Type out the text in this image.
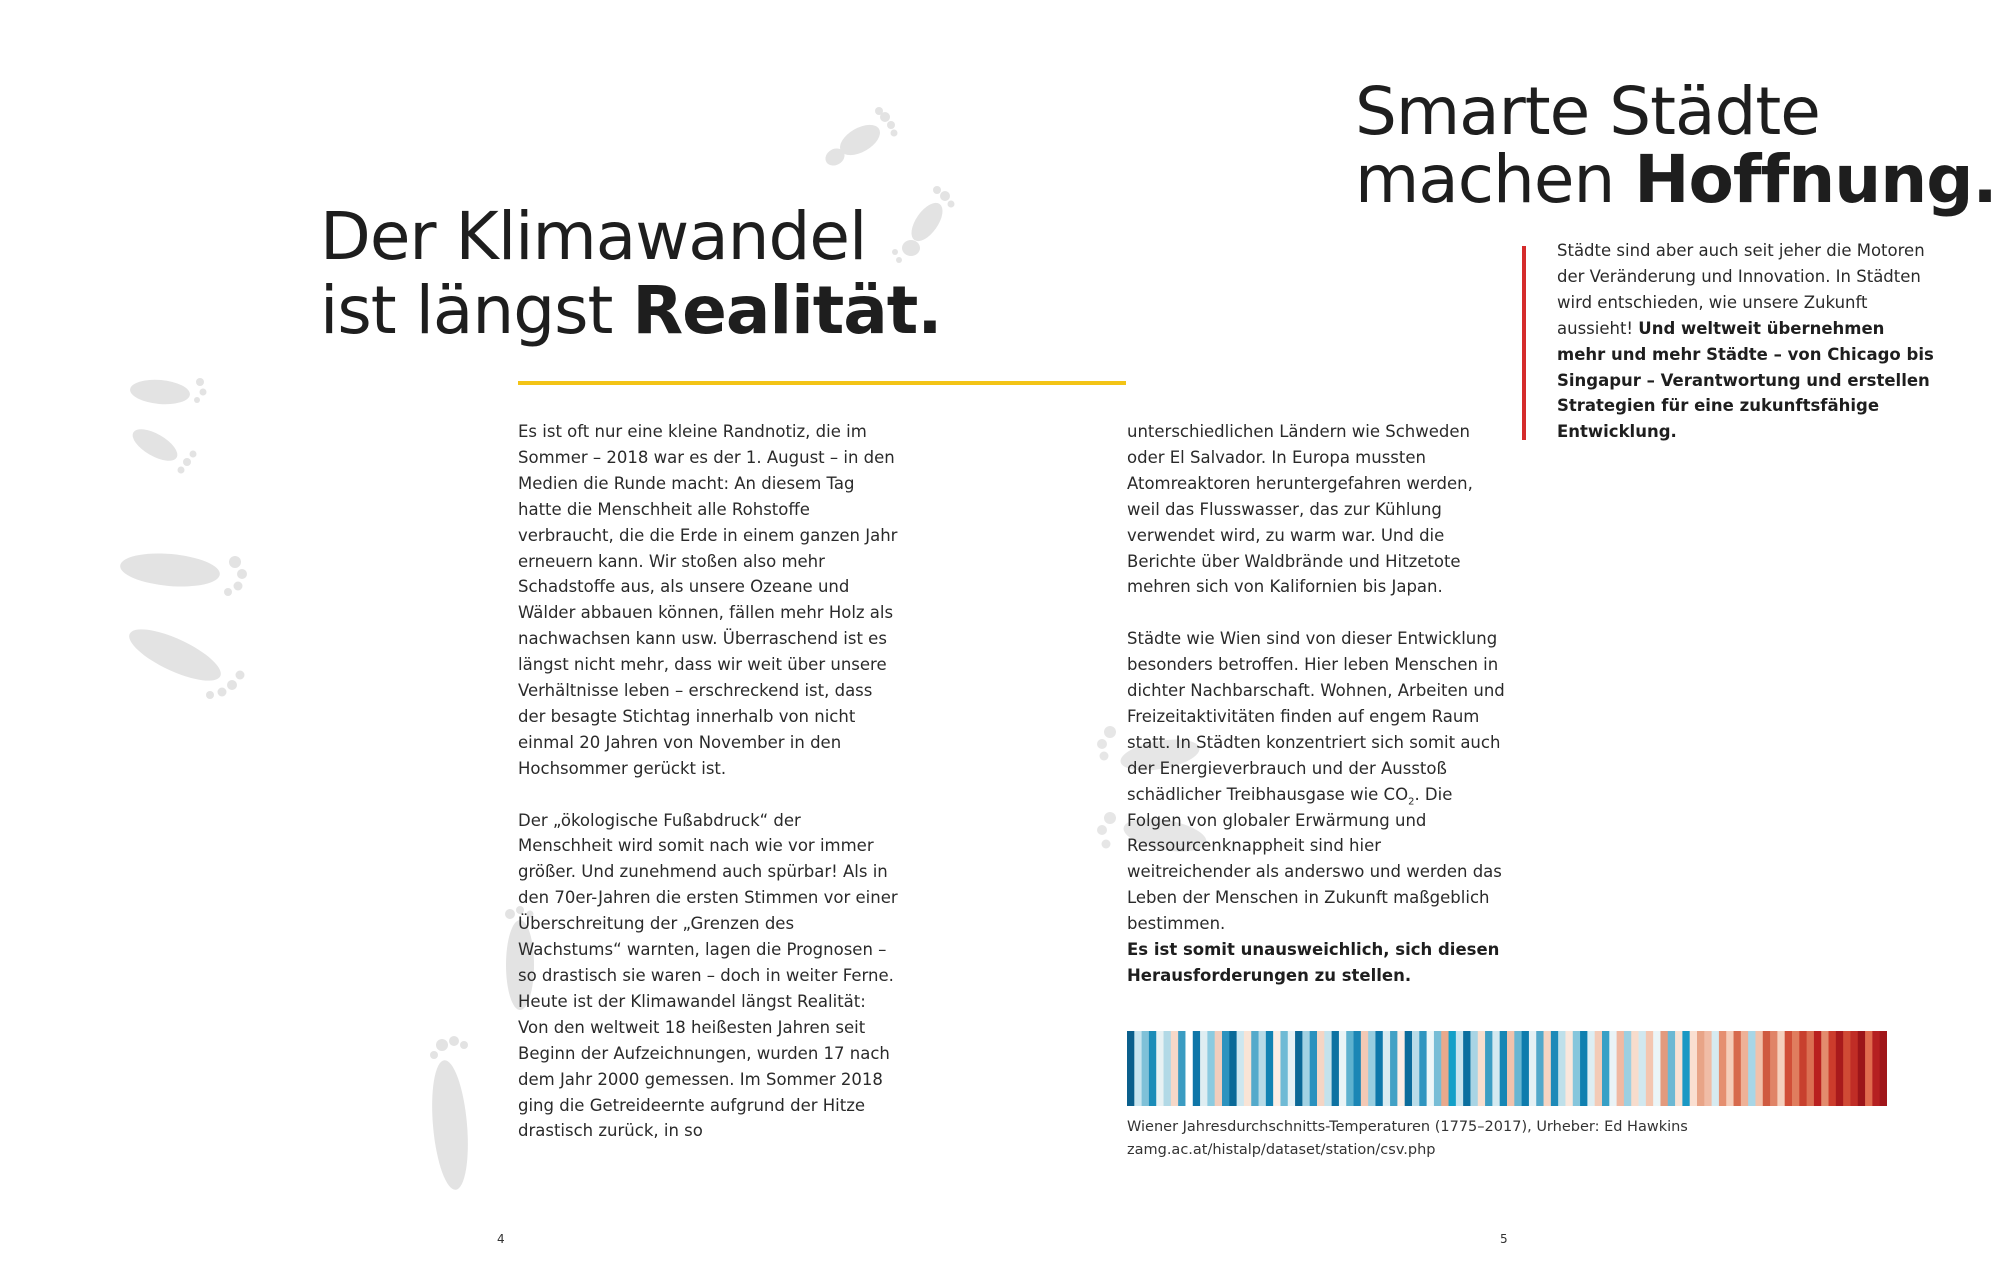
Der Klimawandel
ist längst Realität.

Es ist oft nur eine kleine Randnotiz, die im Sommer – 2018 war es der 1. August – in den Medien die Runde macht: An diesem Tag hatte die Menschheit alle Rohstoffe verbraucht, die die Erde in einem ganzen Jahr erneuern kann. Wir stoßen also mehr Schadstoffe aus, als unsere Ozeane und Wälder abbauen können, fällen mehr Holz als nachwachsen kann usw. Überraschend ist es längst nicht mehr, dass wir weit über unsere Verhältnisse leben – erschreckend ist, dass der besagte Stichtag innerhalb von nicht einmal 20 Jahren von November in den Hochsommer gerückt ist.

Der „ökologische Fußabdruck“ der Menschheit wird somit nach wie vor immer größer. Und zunehmend auch spürbar! Als in den 70er-Jahren die ersten Stimmen vor einer Überschreitung der „Grenzen des Wachstums“ warnten, lagen die Prognosen – so drastisch sie waren – doch in weiter Ferne. Heute ist der Klimawandel längst Realität: Von den weltweit 18 heißesten Jahren seit Beginn der Aufzeichnungen, wurden 17 nach dem Jahr 2000 gemessen. Im Sommer 2018 ging die Getreideernte aufgrund der Hitze drastisch zurück, in so

unterschiedlichen Ländern wie Schweden oder El Salvador. In Europa mussten Atomreaktoren heruntergefahren werden, weil das Flusswasser, das zur Kühlung verwendet wird, zu warm war. Und die Berichte über Waldbrände und Hitzetote mehren sich von Kalifornien bis Japan.

Städte wie Wien sind von dieser Entwicklung besonders betroffen. Hier leben Menschen in dichter Nachbarschaft. Wohnen, Arbeiten und Freizeitaktivitäten finden auf engem Raum statt. In Städten konzentriert sich somit auch der Energieverbrauch und der Ausstoß schädlicher Treibhausgase wie $CO_2$. Die Folgen von globaler Erwärmung und Ressourcenknappheit sind hier weitreichender als anderswo und werden das Leben der Menschen in Zukunft maßgeblich bestimmen.
Es ist somit unausweichlich, sich diesen Herausforderungen zu stellen.

Smarte Städte
machen Hoffnung.
Städte sind aber auch seit jeher die Motoren der Veränderung und Innovation. In Städten wird entschieden, wie unsere Zukunft aussieht! Und weltweit übernehmen mehr und mehr Städte – von Chicago bis Singapur – Verantwortung und erstellen Strategien für eine zukunftsfähige Entwicklung.
Wiener Jahresdurchschnitts-Temperaturen (1775–2017), Urheber: Ed Hawkins
zamg.ac.at/histalp/dataset/station/csv.php
4	5
